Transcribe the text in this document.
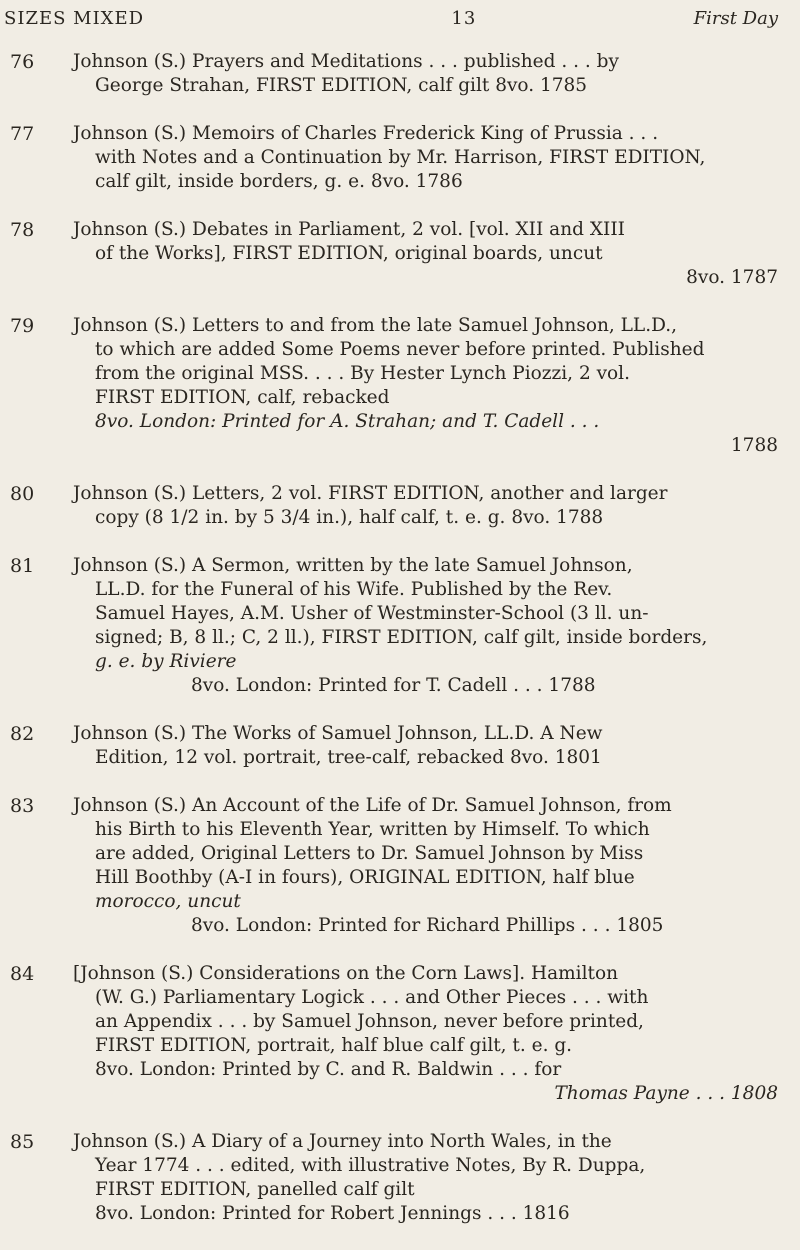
SIZES MIXED	13	First Day
76	Johnson (S.) Prayers and Meditations . . . published . . . by
George Strahan, FIRST EDITION, calf gilt 8vo. 1785
77	Johnson (S.) Memoirs of Charles Frederick King of Prussia . . .
with Notes and a Continuation by Mr. Harrison, FIRST EDITION,
calf gilt, inside borders, g. e. 8vo. 1786
78	Johnson (S.) Debates in Parliament, 2 vol. [vol. XII and XIII
of the Works], FIRST EDITION, original boards, uncut
8vo. 1787
79	Johnson (S.) Letters to and from the late Samuel Johnson, LL.D.,
to which are added Some Poems never before printed. Published
from the original MSS. . . . By Hester Lynch Piozzi, 2 vol.
FIRST EDITION, calf, rebacked
8vo. London: Printed for A. Strahan; and T. Cadell . . .
1788
80	Johnson (S.) Letters, 2 vol. FIRST EDITION, another and larger
copy (8 1/2 in. by 5 3/4 in.), half calf, t. e. g. 8vo. 1788
81	Johnson (S.) A Sermon, written by the late Samuel Johnson,
LL.D. for the Funeral of his Wife. Published by the Rev.
Samuel Hayes, A.M. Usher of Westminster-School (3 ll. un-
signed; B, 8 ll.; C, 2 ll.), FIRST EDITION, calf gilt, inside borders,
g. e. by Riviere
8vo. London: Printed for T. Cadell . . . 1788
82	Johnson (S.) The Works of Samuel Johnson, LL.D. A New
Edition, 12 vol. portrait, tree-calf, rebacked 8vo. 1801
83	Johnson (S.) An Account of the Life of Dr. Samuel Johnson, from
his Birth to his Eleventh Year, written by Himself. To which
are added, Original Letters to Dr. Samuel Johnson by Miss
Hill Boothby (A-I in fours), ORIGINAL EDITION, half blue
morocco, uncut
8vo. London: Printed for Richard Phillips . . . 1805
84	[Johnson (S.) Considerations on the Corn Laws]. Hamilton
(W. G.) Parliamentary Logick . . . and Other Pieces . . . with
an Appendix . . . by Samuel Johnson, never before printed,
FIRST EDITION, portrait, half blue calf gilt, t. e. g.
8vo. London: Printed by C. and R. Baldwin . . . for
Thomas Payne . . . 1808
85	Johnson (S.) A Diary of a Journey into North Wales, in the
Year 1774 . . . edited, with illustrative Notes, By R. Duppa,
FIRST EDITION, panelled calf gilt
8vo. London: Printed for Robert Jennings . . . 1816
